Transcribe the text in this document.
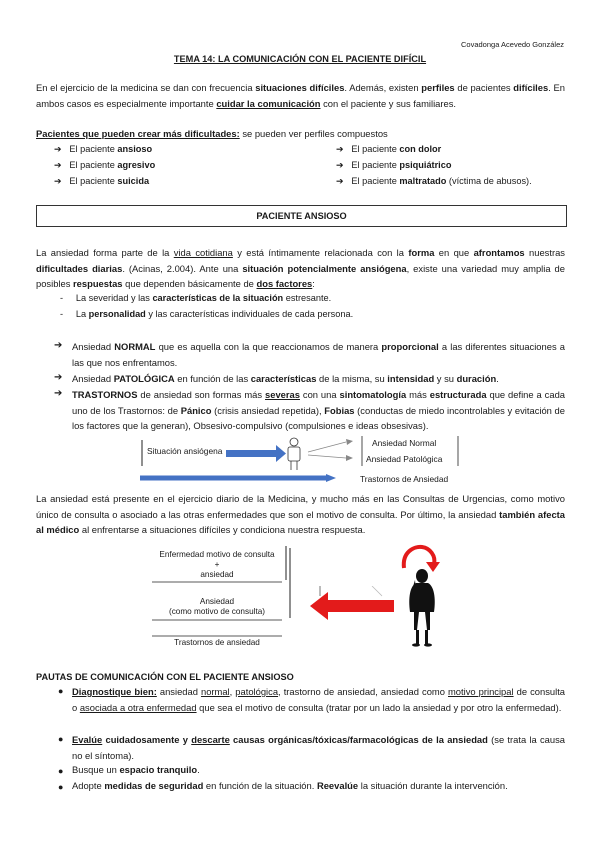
Covadonga Acevedo González
TEMA 14: LA COMUNICACIÓN CON EL PACIENTE DIFÍCIL
En el ejercicio de la medicina se dan con frecuencia situaciones difíciles. Además, existen perfiles de pacientes difíciles. En ambos casos es especialmente importante cuidar la comunicación con el paciente y sus familiares.
Pacientes que pueden crear más dificultades: se pueden ver perfiles compuestos
➔ El paciente ansioso
➔ El paciente agresivo
➔ El paciente suicida
➔ El paciente con dolor
➔ El paciente psiquiátrico
➔ El paciente maltratado (víctima de abusos).
PACIENTE ANSIOSO
La ansiedad forma parte de la vida cotidiana y está íntimamente relacionada con la forma en que afrontamos nuestras dificultades diarias. (Acinas, 2.004). Ante una situación potencialmente ansiógena, existe una variedad muy amplia de posibles respuestas que dependen básicamente de dos factores:
-     La severidad y las características de la situación estresante.
-     La personalidad y las características individuales de cada persona.
➔ Ansiedad NORMAL que es aquella con la que reaccionamos de manera proporcional a las diferentes situaciones a las que nos enfrentamos.
➔ Ansiedad PATOLÓGICA en función de las características de la misma, su intensidad y su duración.
➔ TRASTORNOS de ansiedad son formas más severas con una sintomatología más estructurada que define a cada uno de los Trastornos: de Pánico (crisis ansiedad repetida), Fobias (conductas de miedo incontrolables y evitación de los factores que la generan), Obsesivo-compulsivo (compulsiones e ideas obsesivas).
Situación ansiógena
Ansiedad Normal
Ansiedad Patológica
Trastornos de Ansiedad
La ansiedad está presente en el ejercicio diario de la Medicina, y mucho más en las Consultas de Urgencias, como motivo único de consulta o asociado a las otras enfermedades que son el motivo de consulta. Por último, la ansiedad también afecta al médico al enfrentarse a situaciones difíciles y condiciona nuestra respuesta.
Enfermedad motivo de consulta
+
ansiedad
Ansiedad
(como motivo de consulta)
Trastornos de ansiedad
PAUTAS DE COMUNICACIÓN CON EL PACIENTE ANSIOSO
● Diagnostique bien: ansiedad normal, patológica, trastorno de ansiedad, ansiedad como motivo principal de consulta o asociada a otra enfermedad que sea el motivo de consulta (tratar por un lado la ansiedad y por otro la enfermedad).
● Evalúe cuidadosamente y descarte causas orgánicas/tóxicas/farmacológicas de la ansiedad (se trata la causa no el síntoma).
● Busque un espacio tranquilo.
● Adopte medidas de seguridad en función de la situación. Reevalúe la situación durante la intervención.
